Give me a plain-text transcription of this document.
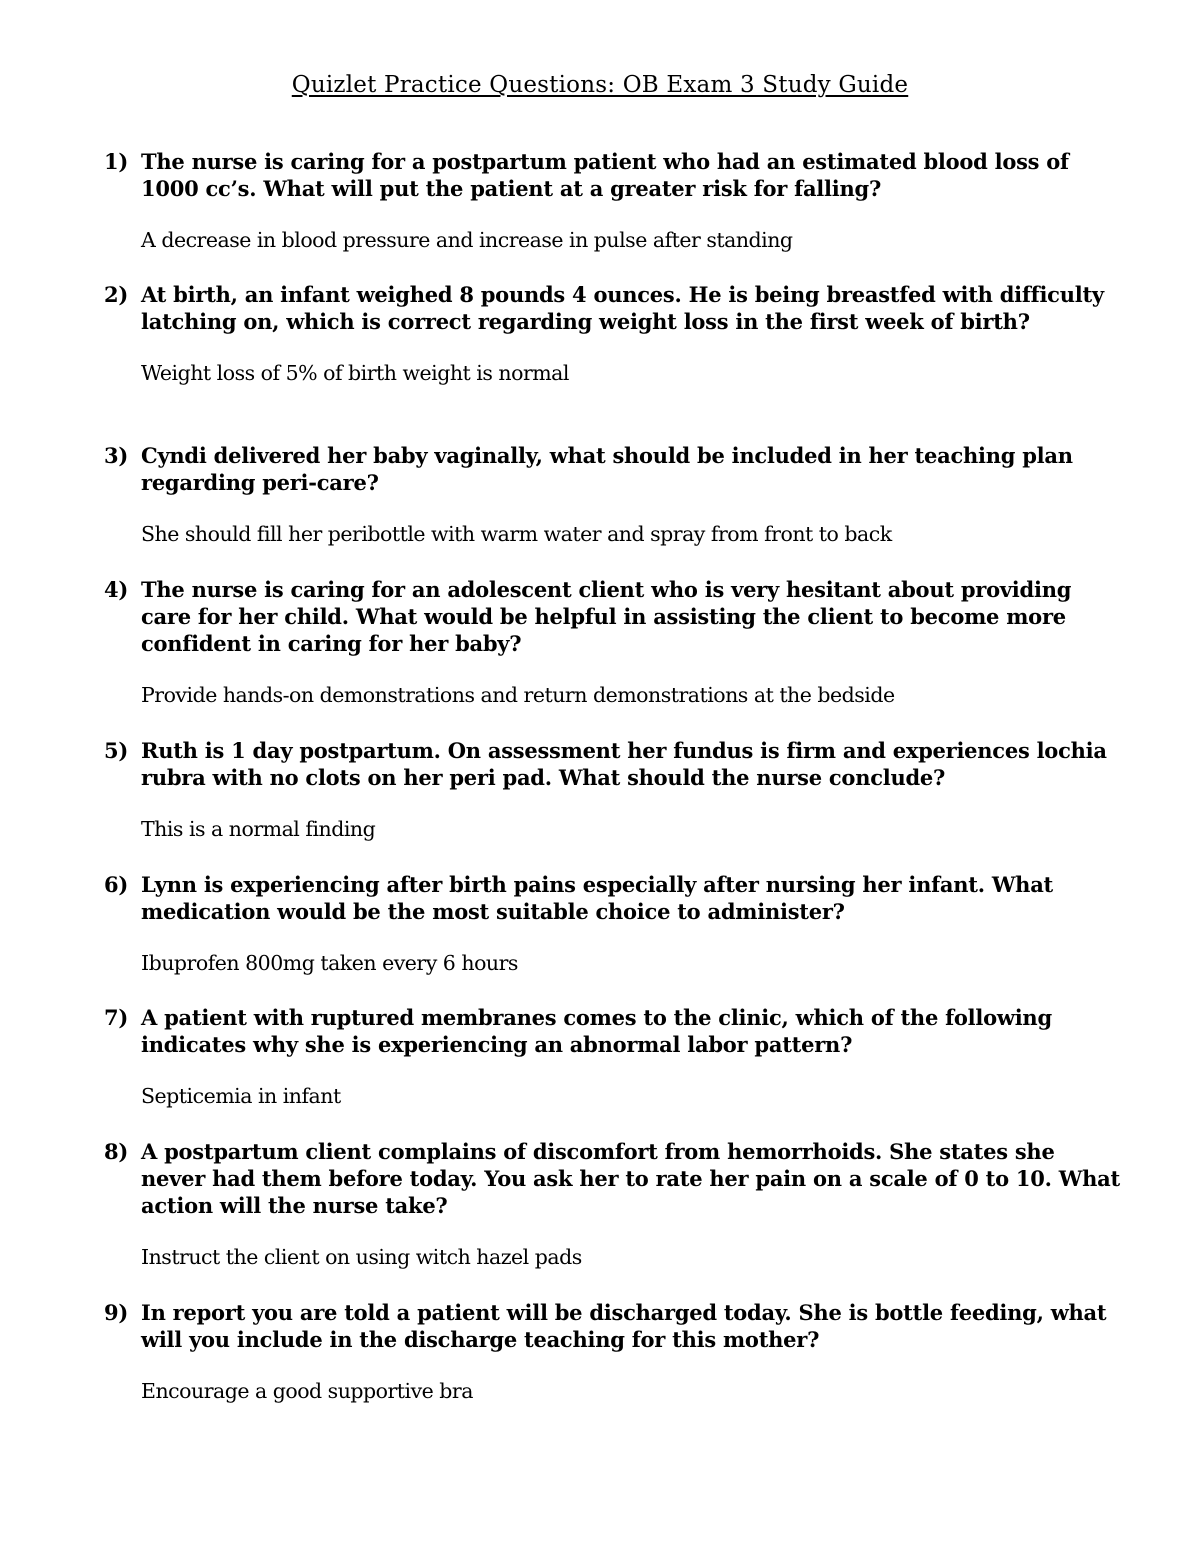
Quizlet Practice Questions: OB Exam 3 Study Guide
1) The nurse is caring for a postpartum patient who had an estimated blood loss of 1000 cc’s. What will put the patient at a greater risk for falling?
A decrease in blood pressure and increase in pulse after standing
2) At birth, an infant weighed 8 pounds 4 ounces. He is being breastfed with difficulty latching on, which is correct regarding weight loss in the first week of birth?
Weight loss of 5% of birth weight is normal
3) Cyndi delivered her baby vaginally, what should be included in her teaching plan regarding peri-care?
She should fill her peribottle with warm water and spray from front to back
4) The nurse is caring for an adolescent client who is very hesitant about providing care for her child. What would be helpful in assisting the client to become more confident in caring for her baby?
Provide hands-on demonstrations and return demonstrations at the bedside
5) Ruth is 1 day postpartum. On assessment her fundus is firm and experiences lochia rubra with no clots on her peri pad. What should the nurse conclude?
This is a normal finding
6) Lynn is experiencing after birth pains especially after nursing her infant. What medication would be the most suitable choice to administer?
Ibuprofen 800mg taken every 6 hours
7) A patient with ruptured membranes comes to the clinic, which of the following indicates why she is experiencing an abnormal labor pattern?
Septicemia in infant
8) A postpartum client complains of discomfort from hemorrhoids. She states she never had them before today. You ask her to rate her pain on a scale of 0 to 10. What action will the nurse take?
Instruct the client on using witch hazel pads
9) In report you are told a patient will be discharged today. She is bottle feeding, what will you include in the discharge teaching for this mother?
Encourage a good supportive bra
